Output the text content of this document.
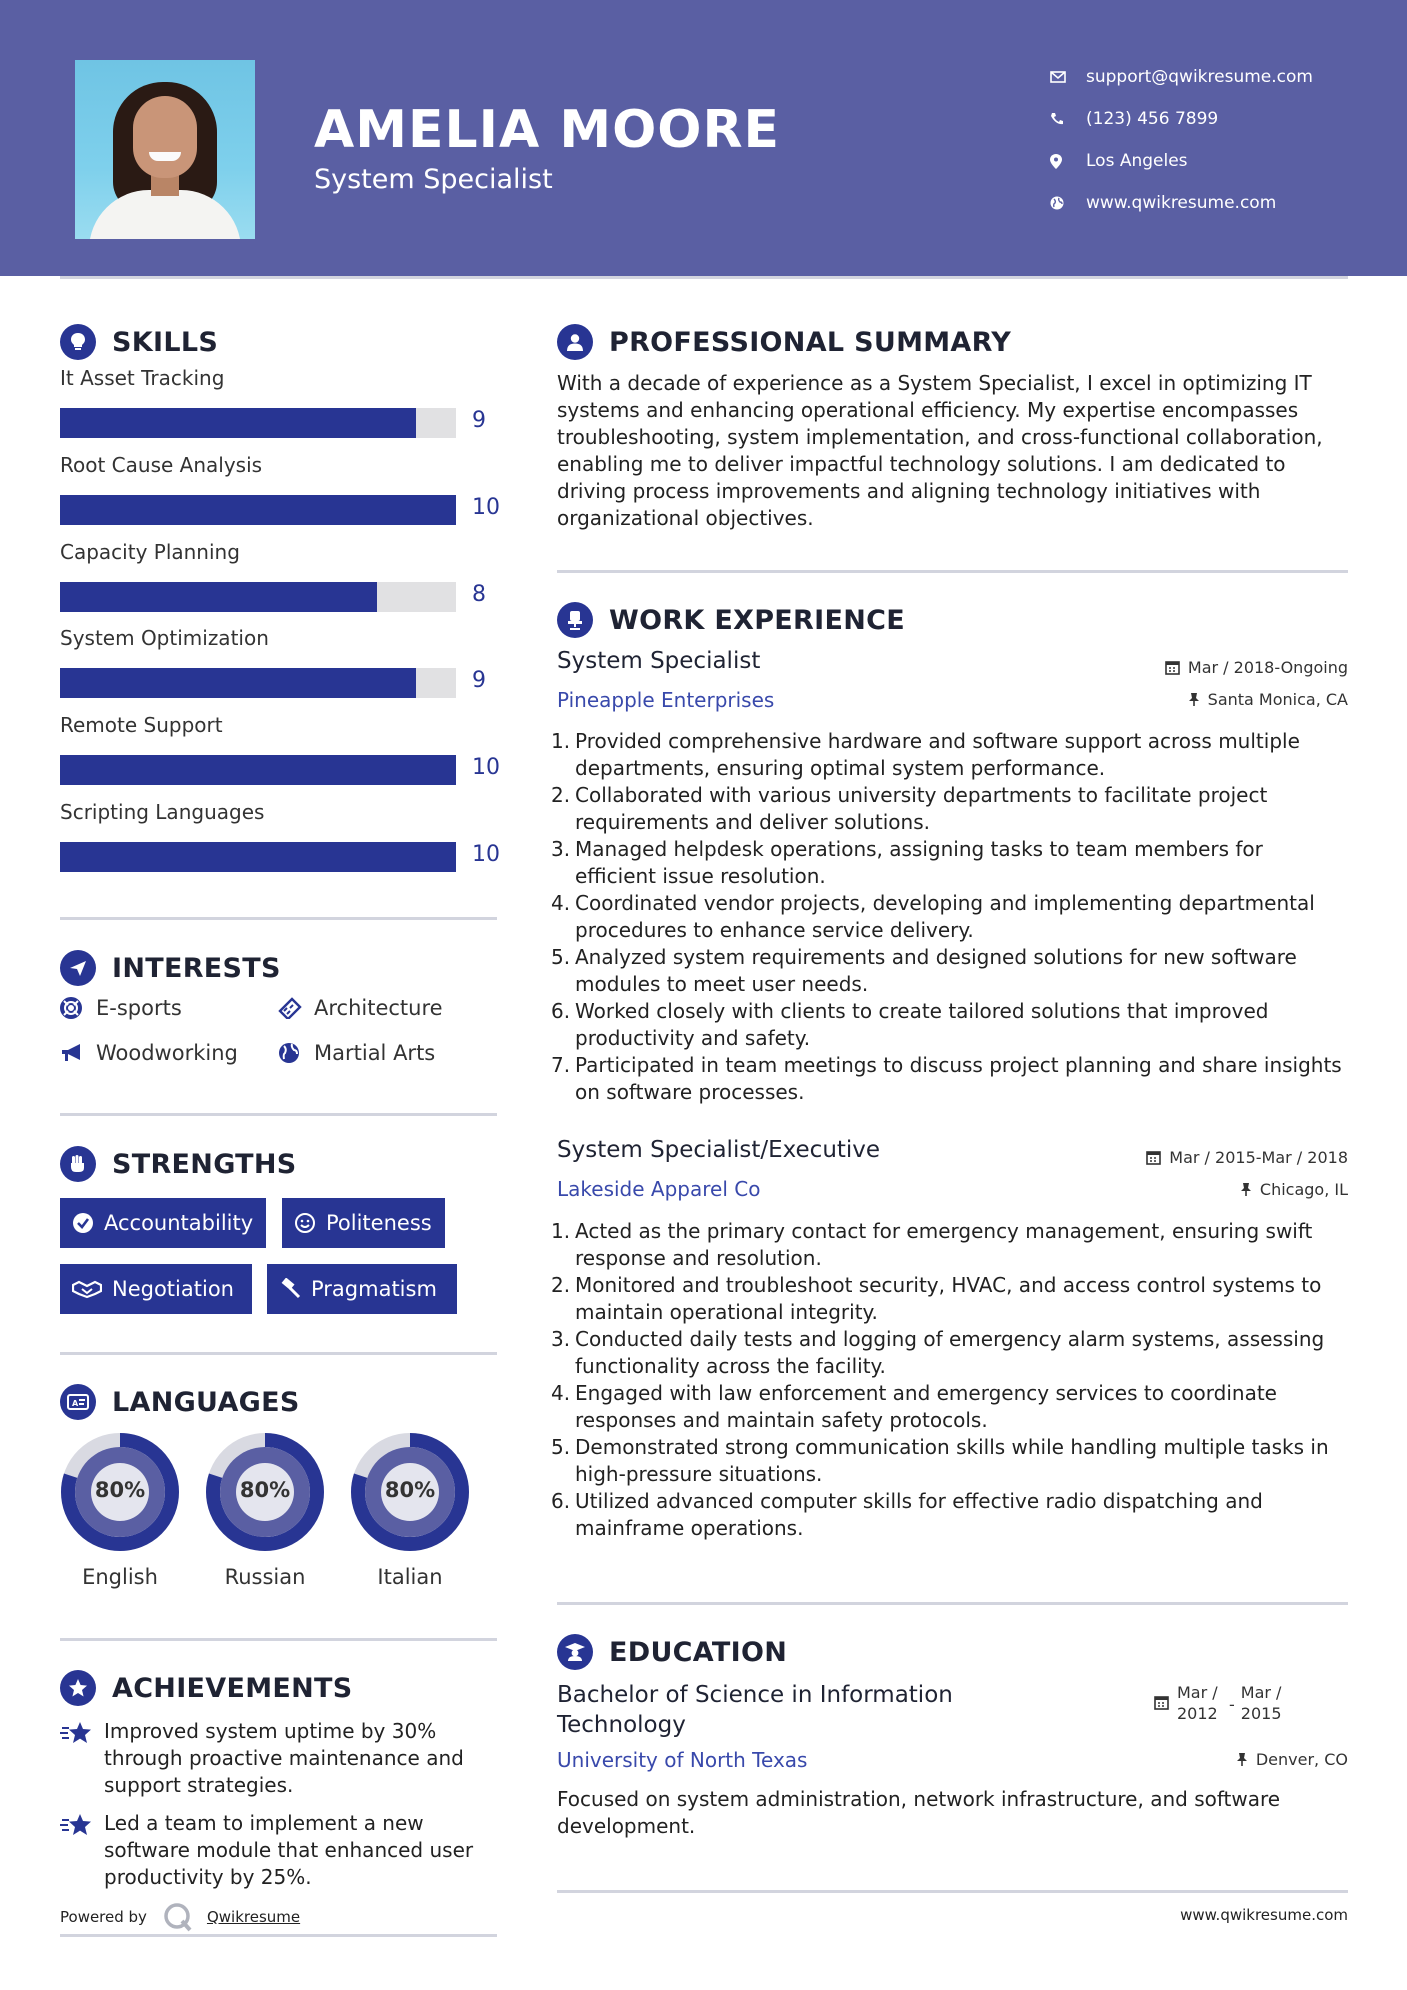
AMELIA MOORE
System Specialist
support@qwikresume.com
(123) 456 7899
Los Angeles
www.qwikresume.com
SKILLS
It Asset Tracking
9
Root Cause Analysis
10
Capacity Planning
8
System Optimization
9
Remote Support
10
Scripting Languages
10
INTERESTS
E-sports	Architecture
Woodworking	Martial Arts
STRENGTHS
Accountability	Politeness
Negotiation	Pragmatism
A LANGUAGES
80%
English
80%
Russian
80%
Italian
ACHIEVEMENTS
Improved system uptime by 30% through proactive maintenance and support strategies.
Led a team to implement a new software module that enhanced user productivity by 25%.
Powered by	Qwikresume
PROFESSIONAL SUMMARY
With a decade of experience as a System Specialist, I excel in optimizing IT systems and enhancing operational efficiency. My expertise encompasses troubleshooting, system implementation, and cross-functional collaboration, enabling me to deliver impactful technology solutions. I am dedicated to driving process improvements and aligning technology initiatives with organizational objectives.
WORK EXPERIENCE
System Specialist	Mar / 2018-Ongoing
Pineapple Enterprises	Santa Monica, CA
1. Provided comprehensive hardware and software support across multiple departments, ensuring optimal system performance.
2. Collaborated with various university departments to facilitate project requirements and deliver solutions.
3. Managed helpdesk operations, assigning tasks to team members for efficient issue resolution.
4. Coordinated vendor projects, developing and implementing departmental procedures to enhance service delivery.
5. Analyzed system requirements and designed solutions for new software modules to meet user needs.
6. Worked closely with clients to create tailored solutions that improved productivity and safety.
7. Participated in team meetings to discuss project planning and share insights on software processes.
System Specialist/Executive	Mar / 2015-Mar / 2018
Lakeside Apparel Co	Chicago, IL
1. Acted as the primary contact for emergency management, ensuring swift response and resolution.
2. Monitored and troubleshoot security, HVAC, and access control systems to maintain operational integrity.
3. Conducted daily tests and logging of emergency alarm systems, assessing functionality across the facility.
4. Engaged with law enforcement and emergency services to coordinate responses and maintain safety protocols.
5. Demonstrated strong communication skills while handling multiple tasks in high-pressure situations.
6. Utilized advanced computer skills for effective radio dispatching and mainframe operations.
EDUCATION
Bachelor of Science in Information Technology
Mar / 2012 -
Mar / 2015
University of North Texas	Denver, CO
Focused on system administration, network infrastructure, and software development.
www.qwikresume.com
